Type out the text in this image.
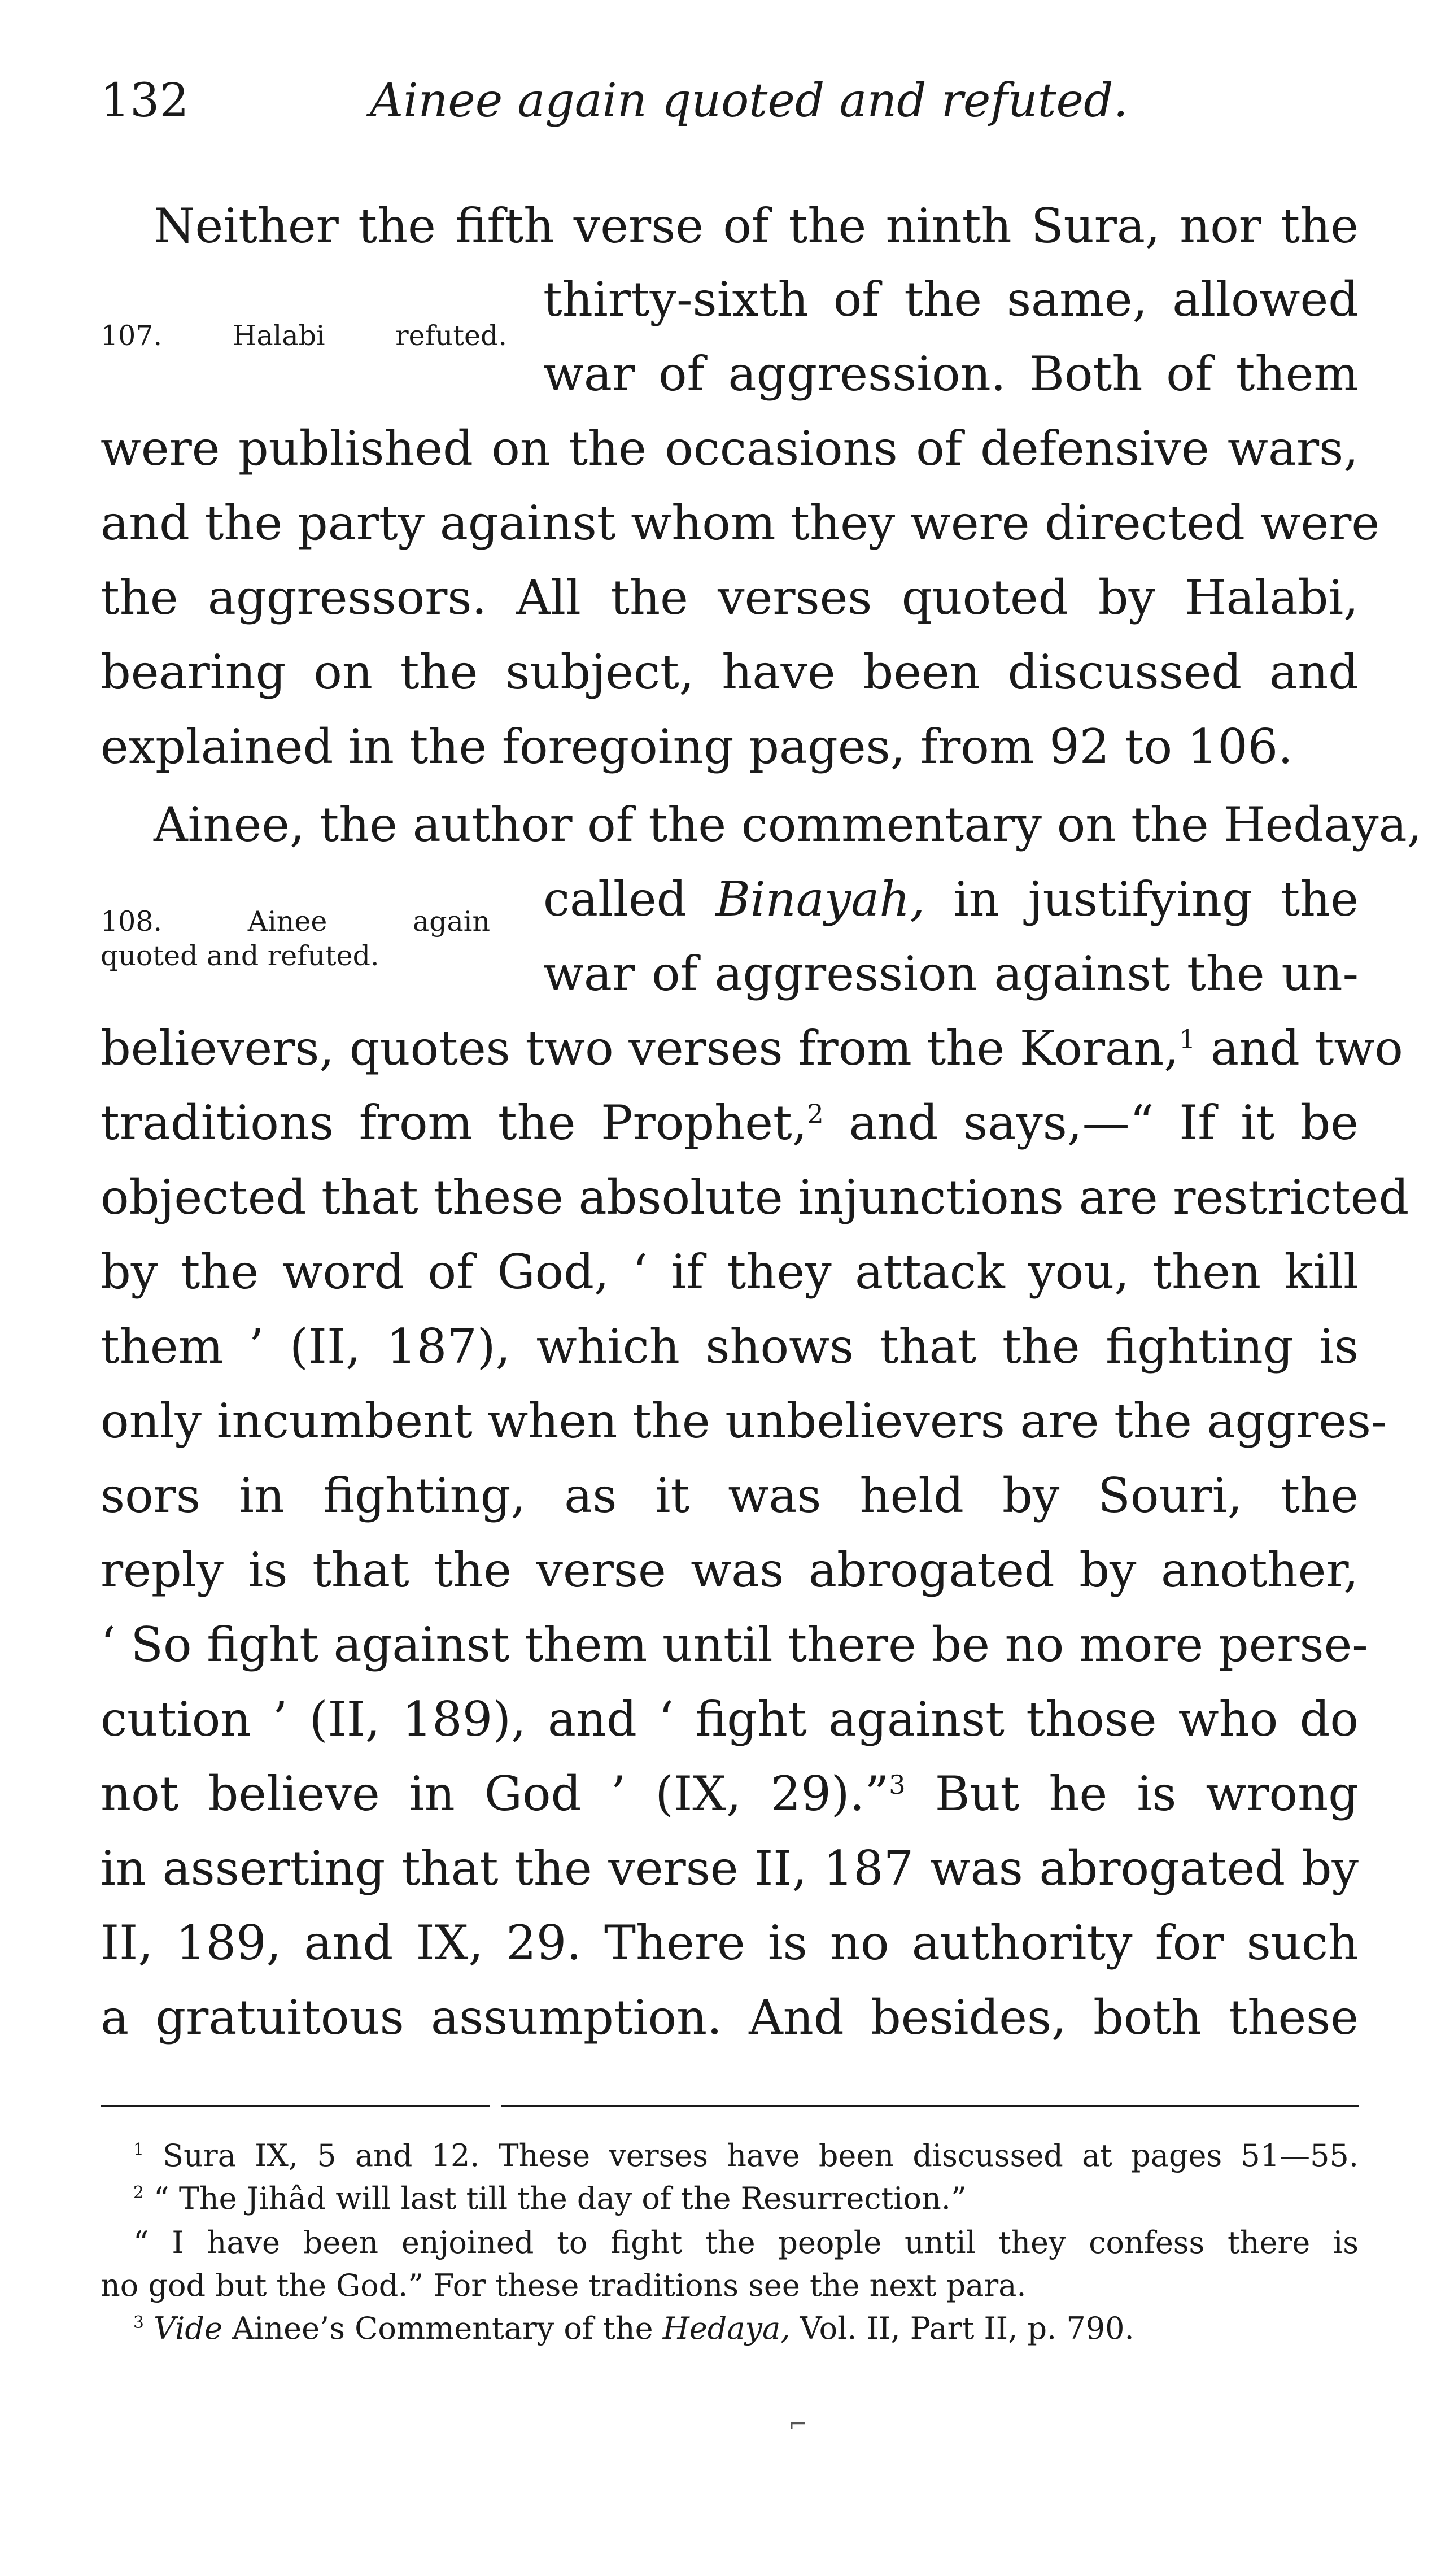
132	Ainee again quoted and refuted.
Neither the fifth verse of the ninth Sura, nor the
thirty-sixth of the same, allowed
107. Halabi refuted.
war of aggression. Both of them
were published on the occasions of defensive wars,
and the party against whom they were directed were
the aggressors. All the verses quoted by Halabi,
bearing on the subject, have been discussed and
explained in the foregoing pages, from 92 to 106.
Ainee, the author of the commentary on the Hedaya,
108. Ainee again
quoted and refuted.
called Binayah, in justifying the
war of aggression against the un-
believers, quotes two verses from the Koran,$^1$ and two
traditions from the Prophet,$^2$ and says,—“ If it be
objected that these absolute injunctions are restricted
by the word of God, ‘ if they attack you, then kill
them ’ (II, 187), which shows that the fighting is
only incumbent when the unbelievers are the aggres-
sors in fighting, as it was held by Souri, the
reply is that the verse was abrogated by another,
‘ So fight against them until there be no more perse-
cution ’ (II, 189), and ‘ fight against those who do
not believe in God ’ (IX, 29).”$^3$ But he is wrong
in asserting that the verse II, 187 was abrogated by
II, 189, and IX, 29. There is no authority for such
a gratuitous assumption. And besides, both these
$^1$ Sura IX, 5 and 12. These verses have been discussed at pages 51—55.
$^2$ “ The Jihâd will last till the day of the Resurrection.”
“ I have been enjoined to fight the people until they confess there is
no god but the God.” For these traditions see the next para.
$^3$ Vide Ainee’s Commentary of the Hedaya, Vol. II, Part II, p. 790.
⌐
